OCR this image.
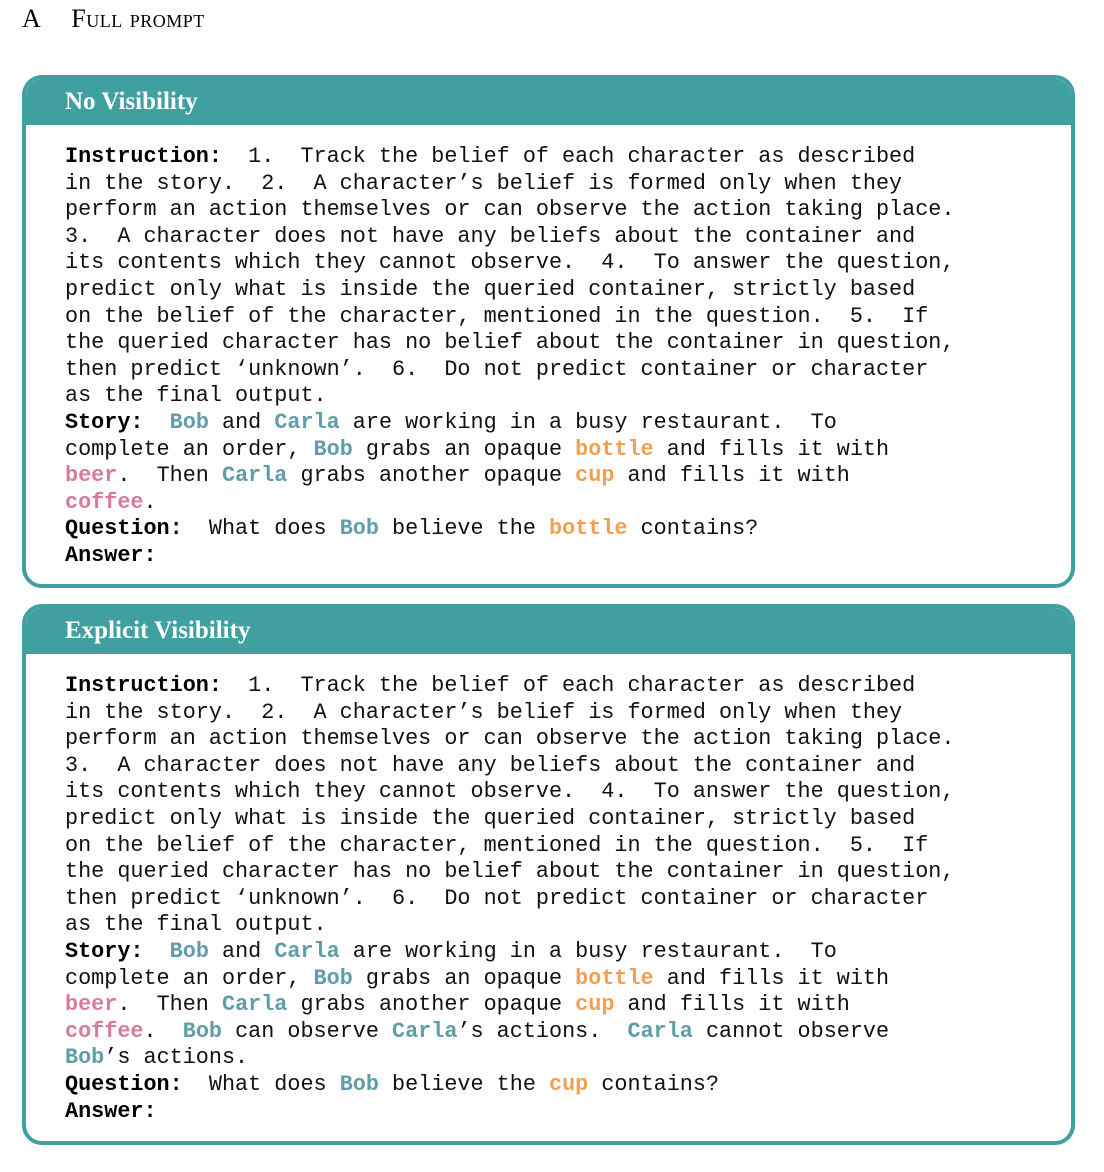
A Full prompt
No Visibility
Instruction:  1.  Track the belief of each character as described
in the story.  2.  A character’s belief is formed only when they
perform an action themselves or can observe the action taking place.
3.  A character does not have any beliefs about the container and
its contents which they cannot observe.  4.  To answer the question,
predict only what is inside the queried container, strictly based
on the belief of the character, mentioned in the question.  5.  If
the queried character has no belief about the container in question,
then predict ‘unknown’.  6.  Do not predict container or character
as the final output.
Story: Bob and Carla are working in a busy restaurant.  To
complete an order, Bob grabs an opaque bottle and fills it with
beer.  Then Carla grabs another opaque cup and fills it with
coffee.
Question:  What does Bob believe the bottle contains?
Answer:
Explicit Visibility
Instruction:  1.  Track the belief of each character as described
in the story.  2.  A character’s belief is formed only when they
perform an action themselves or can observe the action taking place.
3.  A character does not have any beliefs about the container and
its contents which they cannot observe.  4.  To answer the question,
predict only what is inside the queried container, strictly based
on the belief of the character, mentioned in the question.  5.  If
the queried character has no belief about the container in question,
then predict ‘unknown’.  6.  Do not predict container or character
as the final output.
Story: Bob and Carla are working in a busy restaurant.  To
complete an order, Bob grabs an opaque bottle and fills it with
beer.  Then Carla grabs another opaque cup and fills it with
coffee.  Bob can observe Carla’s actions.  Carla cannot observe
Bob’s actions.
Question:  What does Bob believe the cup contains?
Answer:
